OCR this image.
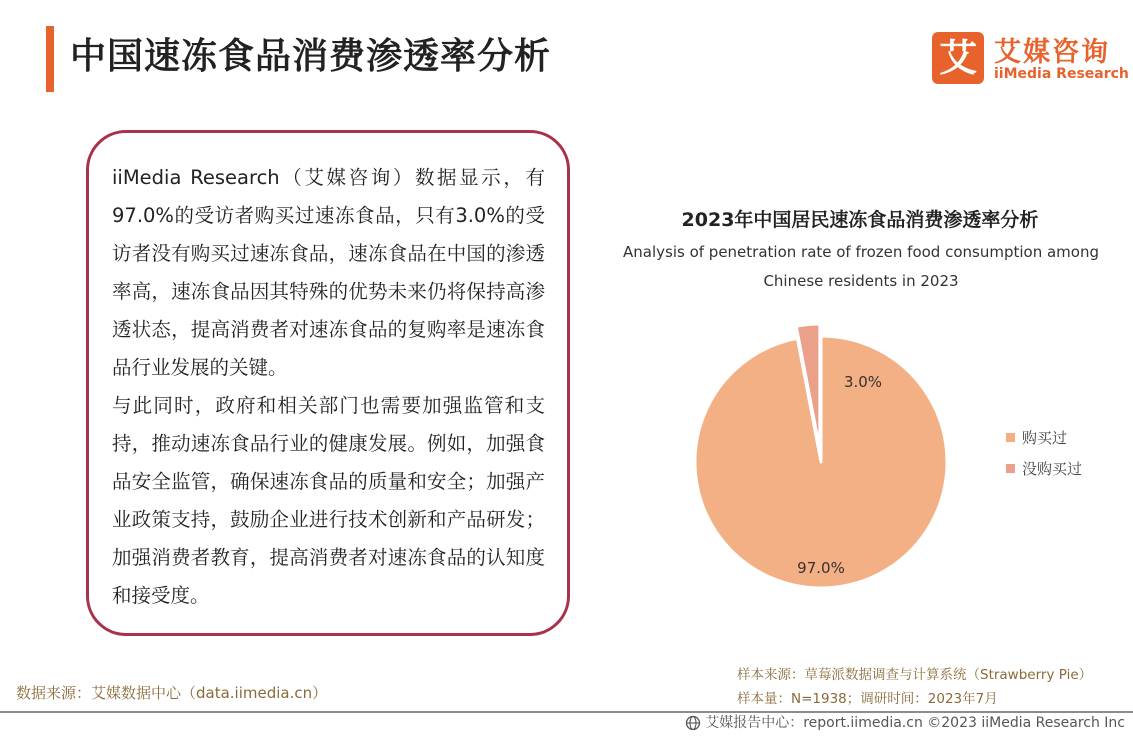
中国速冻食品消费渗透率分析	艾 艾媒咨询
iiMedia Research

iiMedia Research（艾媒咨询）数据显示，有97.0%的受访者购买过速冻食品，只有3.0%的受访者没有购买过速冻食品，速冻食品在中国的渗透率高，速冻食品因其特殊的优势未来仍将保持高渗透状态，提高消费者对速冻食品的复购率是速冻食品行业发展的关键。

与此同时，政府和相关部门也需要加强监管和支持，推动速冻食品行业的健康发展。例如，加强食品安全监管，确保速冻食品的质量和安全；加强产业政策支持，鼓励企业进行技术创新和产品研发；加强消费者教育，提高消费者对速冻食品的认知度和接受度。

2023年中国居民速冻食品消费渗透率分析
Analysis of penetration rate of frozen food consumption among
Chinese residents in 2023
97.0%
3.0%
购买过
没购买过
数据来源：艾媒数据中心（data.iimedia.cn）
样本来源：草莓派数据调查与计算系统（Strawberry Pie）
样本量：N=1938；调研时间：2023年7月
艾媒报告中心：report.iimedia.cn ©2023 iiMedia Research Inc
